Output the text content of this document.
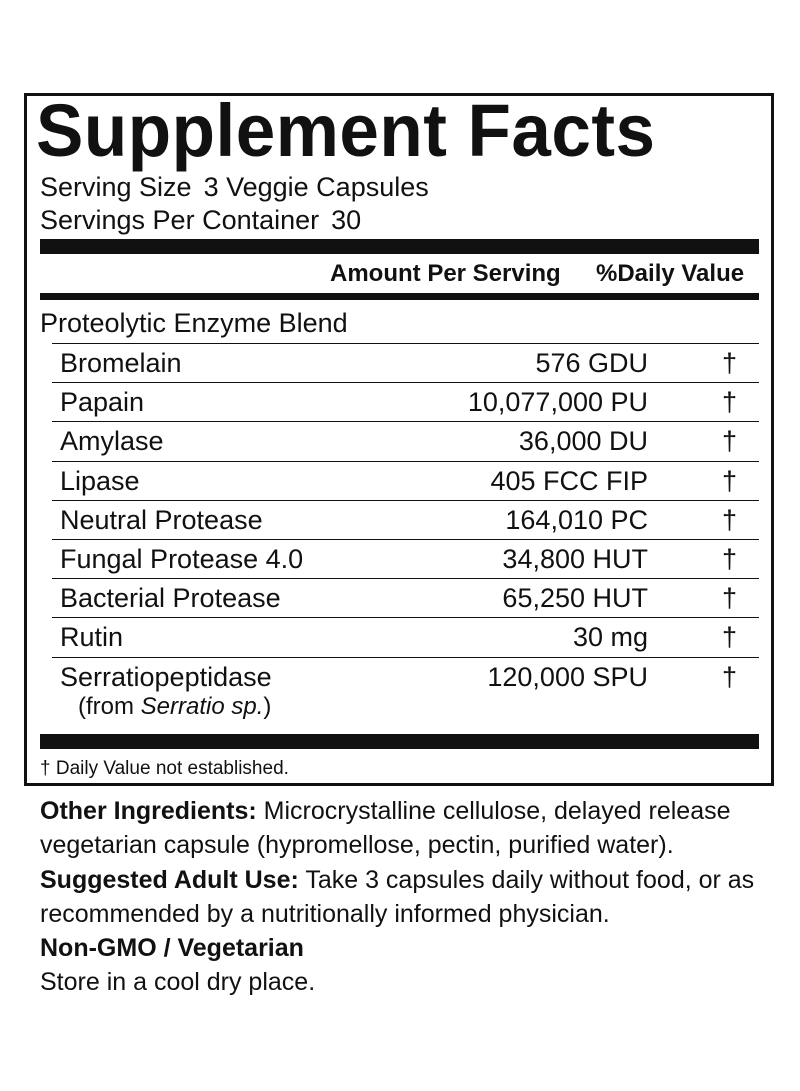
Supplement Facts
Serving Size 3 Veggie Capsules
Servings Per Container 30
Amount Per Serving %Daily Value
Proteolytic Enzyme Blend
Bromelain	576 GDU	†
Papain	10,077,000 PU	†
Amylase	36,000 DU	†
Lipase	405 FCC FIP	†
Neutral Protease	164,010 PC	†
Fungal Protease 4.0	34,800 HUT	†
Bacterial Protease	65,250 HUT	†
Rutin	30 mg	†
Serratiopeptidase	120,000 SPU	†
(from Serratio sp.)
† Daily Value not established.
Other Ingredients: Microcrystalline cellulose, delayed release vegetarian capsule (hypromellose, pectin, purified water).
Suggested Adult Use: Take 3 capsules daily without food, or as recommended by a nutritionally informed physician.
Non-GMO / Vegetarian
Store in a cool dry place.
